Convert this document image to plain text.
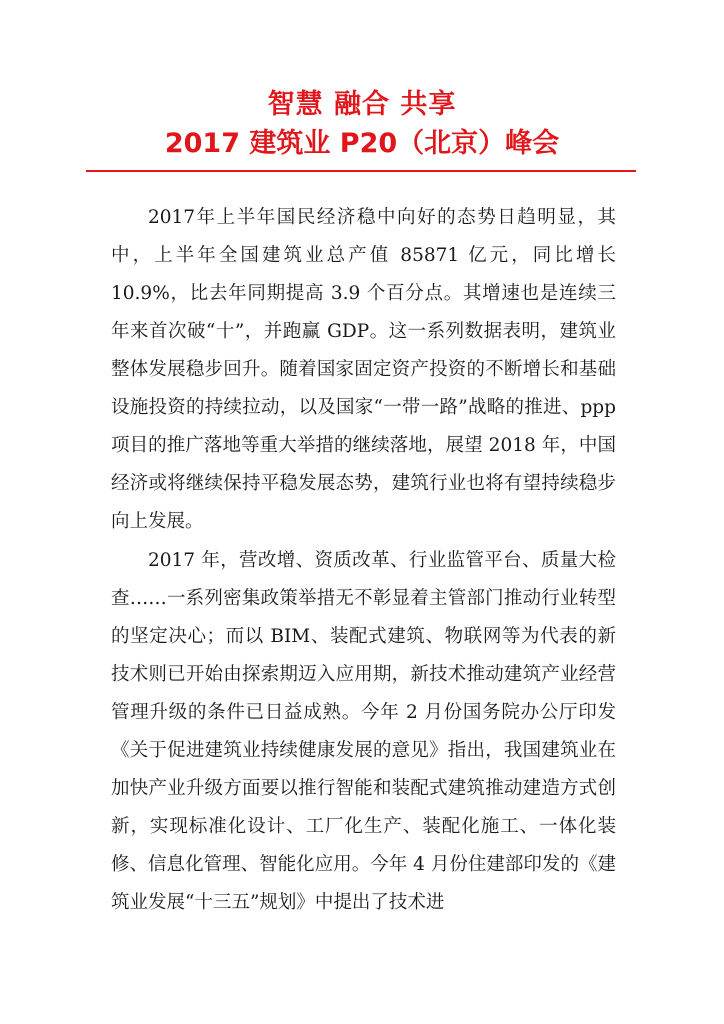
智慧 融合 共享
2017 建筑业 P20（北京）峰会

2017年上半年国民经济稳中向好的态势日趋明显，其中，上半年全国建筑业总产值 85871 亿元，同比增长 10.9%，比去年同期提高 3.9 个百分点。其增速也是连续三年来首次破“十”，并跑赢 GDP。这一系列数据表明，建筑业整体发展稳步回升。随着国家固定资产投资的不断增长和基础设施投资的持续拉动，以及国家“一带一路”战略的推进、ppp 项目的推广落地等重大举措的继续落地，展望 2018 年，中国经济或将继续保持平稳发展态势，建筑行业也将有望持续稳步向上发展。

2017 年，营改增、资质改革、行业监管平台、质量大检查……一系列密集政策举措无不彰显着主管部门推动行业转型的坚定决心；而以 BIM、装配式建筑、物联网等为代表的新技术则已开始由探索期迈入应用期，新技术推动建筑产业经营管理升级的条件已日益成熟。今年 2 月份国务院办公厅印发《关于促进建筑业持续健康发展的意见》指出，我国建筑业在加快产业升级方面要以推行智能和装配式建筑推动建造方式创新，实现标准化设计、工厂化生产、装配化施工、一体化装修、信息化管理、智能化应用。今年 4 月份住建部印发的《建筑业发展“十三五”规划》中提出了技术进
